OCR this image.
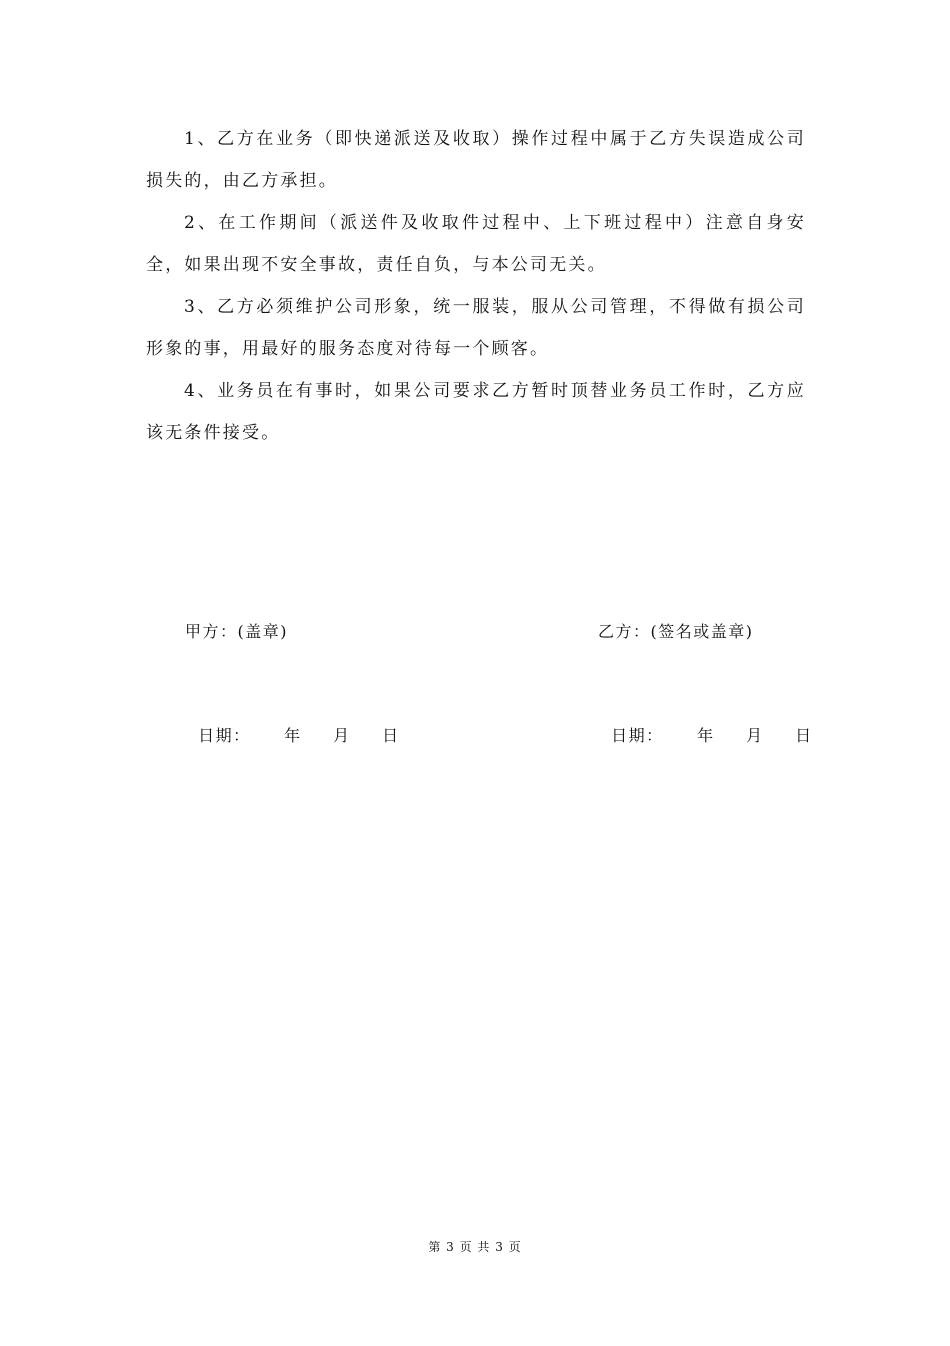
1、乙方在业务（即快递派送及收取）操作过程中属于乙方失误造成公司损失的，由乙方承担。

2、在工作期间（派送件及收取件过程中、上下班过程中）注意自身安全，如果出现不安全事故，责任自负，与本公司无关。

3、乙方必须维护公司形象，统一服装，服从公司管理，不得做有损公司形象的事，用最好的服务态度对待每一个顾客。

4、业务员在有事时，如果公司要求乙方暂时顶替业务员工作时，乙方应该无条件接受。

甲方：(盖章)	乙方：(签名或盖章)

日期： 年 月 日	日期： 年 月 日

第 3 页 共 3 页
